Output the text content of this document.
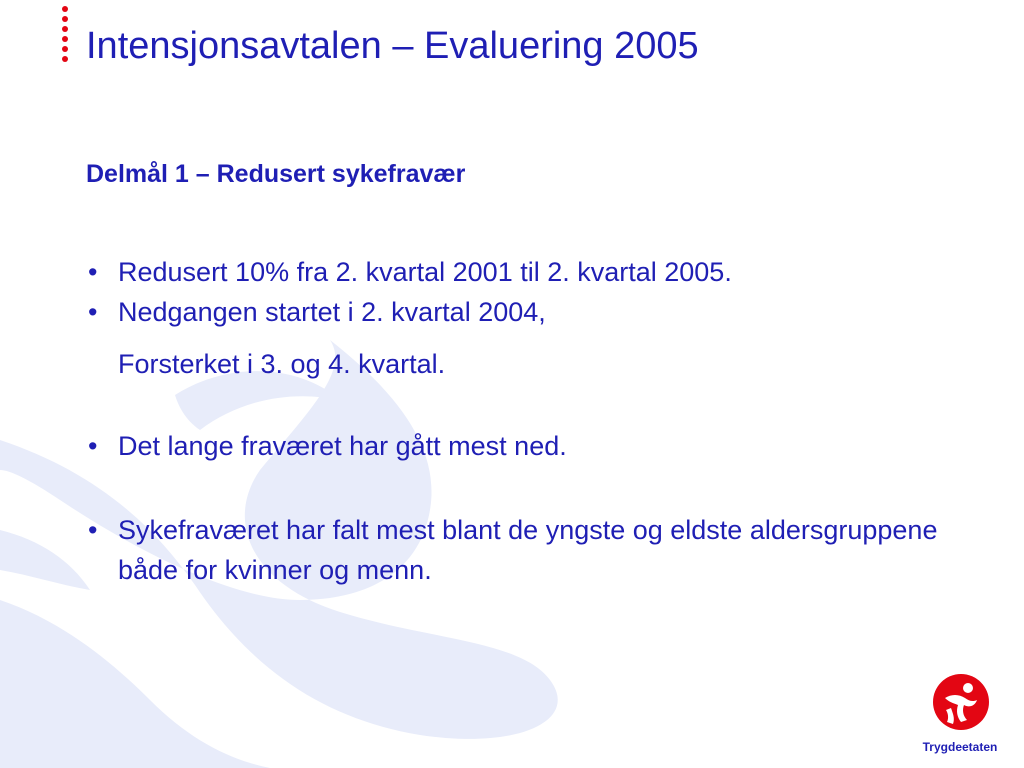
Intensjonsavtalen – Evaluering 2005
Delmål 1 – Redusert sykefravær
• Redusert 10% fra 2. kvartal 2001 til 2. kvartal 2005.
• Nedgangen startet i 2. kvartal 2004,
Forsterket i 3. og 4. kvartal.
• Det lange fraværet har gått mest ned.
• Sykefraværet har falt mest blant de yngste og eldste aldersgruppene både for kvinner og menn.
Trygdeetaten
